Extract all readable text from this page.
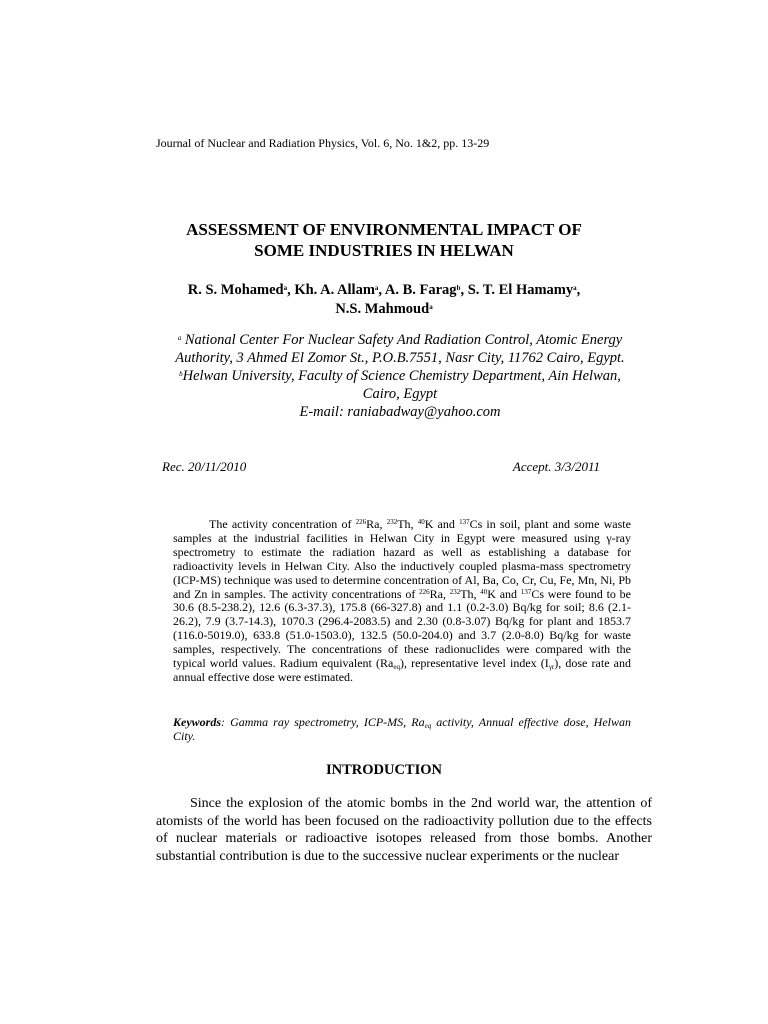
Journal of Nuclear and Radiation Physics, Vol. 6, No. 1&2, pp. 13-29
ASSESSMENT OF ENVIRONMENTAL IMPACT OF
SOME INDUSTRIES IN HELWAN
R. S. Mohamed$^a$, Kh. A. Allam$^a$, A. B. Farag$^b$, S. T. El Hamamy$^a$,
N.S. Mahmoud$^a$
$^a$ National Center For Nuclear Safety And Radiation Control, Atomic Energy
Authority, 3 Ahmed El Zomor St., P.O.B.7551, Nasr City, 11762 Cairo, Egypt.
$^b$Helwan University, Faculty of Science Chemistry Department, Ain Helwan,
Cairo, Egypt
E-mail: raniabadway@yahoo.com
Rec. 20/11/2010	Accept. 3/3/2011
The activity concentration of $^{226}$Ra, $^{232}$Th, $^{40}$K and $^{137}$Cs in soil, plant and some waste samples at the industrial facilities in Helwan City in Egypt were measured using γ-ray spectrometry to estimate the radiation hazard as well as establishing a database for radioactivity levels in Helwan City. Also the inductively coupled plasma-mass spectrometry (ICP-MS) technique was used to determine concentration of Al, Ba, Co, Cr, Cu, Fe, Mn, Ni, Pb and Zn in samples. The activity concentrations of $^{226}$Ra, $^{232}$Th, $^{40}$K and $^{137}$Cs were found to be 30.6 (8.5-238.2), 12.6 (6.3-37.3), 175.8 (66-327.8) and 1.1 (0.2-3.0) Bq/kg for soil; 8.6 (2.1-26.2), 7.9 (3.7-14.3), 1070.3 (296.4-2083.5) and 2.30 (0.8-3.07) Bq/kg for plant and 1853.7 (116.0-5019.0), 633.8 (51.0-1503.0), 132.5 (50.0-204.0) and 3.7 (2.0-8.0) Bq/kg for waste samples, respectively. The concentrations of these radionuclides were compared with the typical world values. Radium equivalent $(Ra_{eq})$, representative level index $(I_{\gamma r})$, dose rate and annual effective dose were estimated.
Keywords: Gamma ray spectrometry, ICP-MS, $Ra_{eq}$ activity, Annual effective dose, Helwan City.
INTRODUCTION

Since the explosion of the atomic bombs in the 2nd world war, the attention of atomists of the world has been focused on the radioactivity pollution due to the effects of nuclear materials or radioactive isotopes released from those bombs. Another substantial contribution is due to the successive nuclear experiments or the nuclear
